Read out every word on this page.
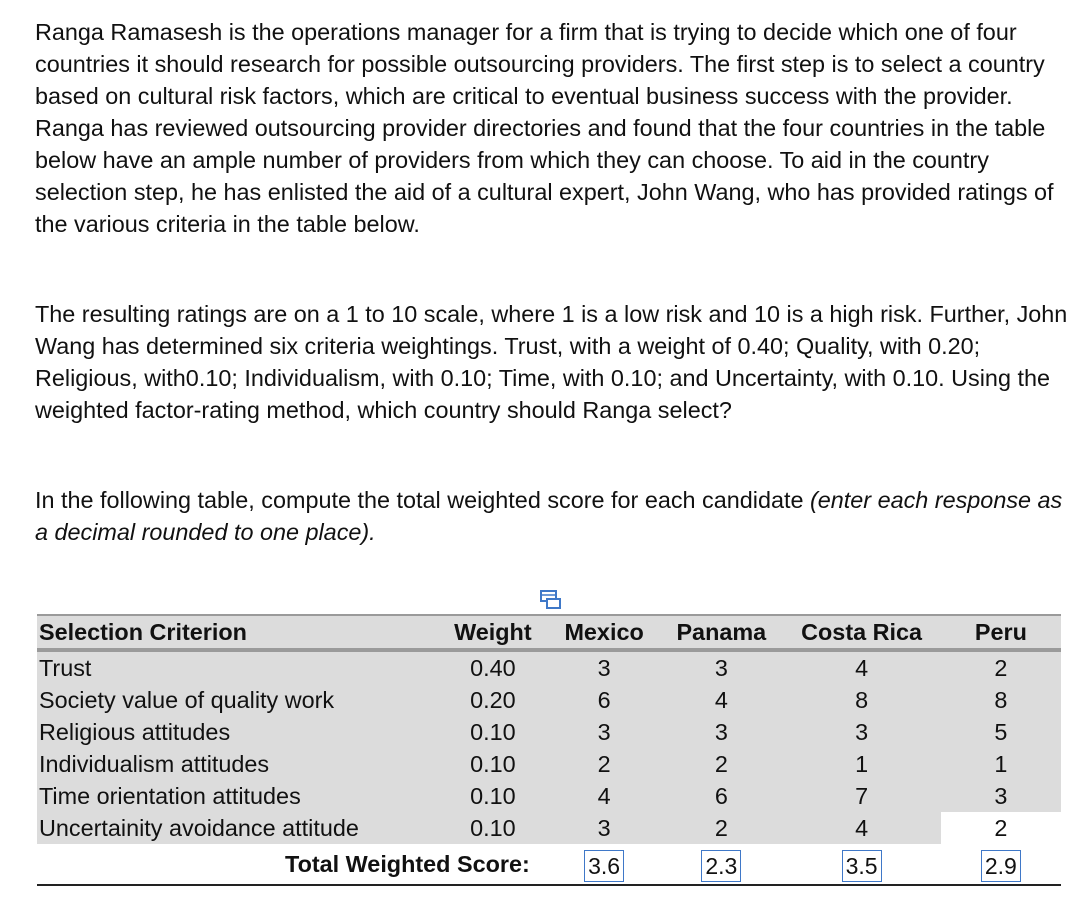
Ranga Ramasesh is the operations manager for a firm that is trying to decide which one of four countries it should research for possible outsourcing providers. The first step is to select a country based on cultural risk factors, which are critical to eventual business success with the provider. Ranga has reviewed outsourcing provider directories and found that the four countries in the table below have an ample number of providers from which they can choose. To aid in the country selection step, he has enlisted the aid of a cultural expert, John Wang, who has provided ratings of the various criteria in the table below.

The resulting ratings are on a 1 to 10 scale, where 1 is a low risk and 10 is a high risk. Further, John Wang has determined six criteria weightings. Trust, with a weight of 0.40; Quality, with 0.20; Religious, with0.10; Individualism, with 0.10; Time, with 0.10; and Uncertainty, with 0.10. Using the weighted factor-rating method, which country should Ranga select?

In the following table, compute the total weighted score for each candidate (enter each response as a decimal rounded to one place).

Selection Criterion	Weight	Mexico	Panama	Costa Rica	Peru
Trust	0.40	3	3	4	2
Society value of quality work	0.20	6	4	8	8
Religious attitudes	0.10	3	3	3	5
Individualism attitudes	0.10	2	2	1	1
Time orientation attitudes	0.10	4	6	7	3
Uncertainity avoidance attitude	0.10	3	2	4	2
Total Weighted Score:		3.6	2.3	3.5	2.9
